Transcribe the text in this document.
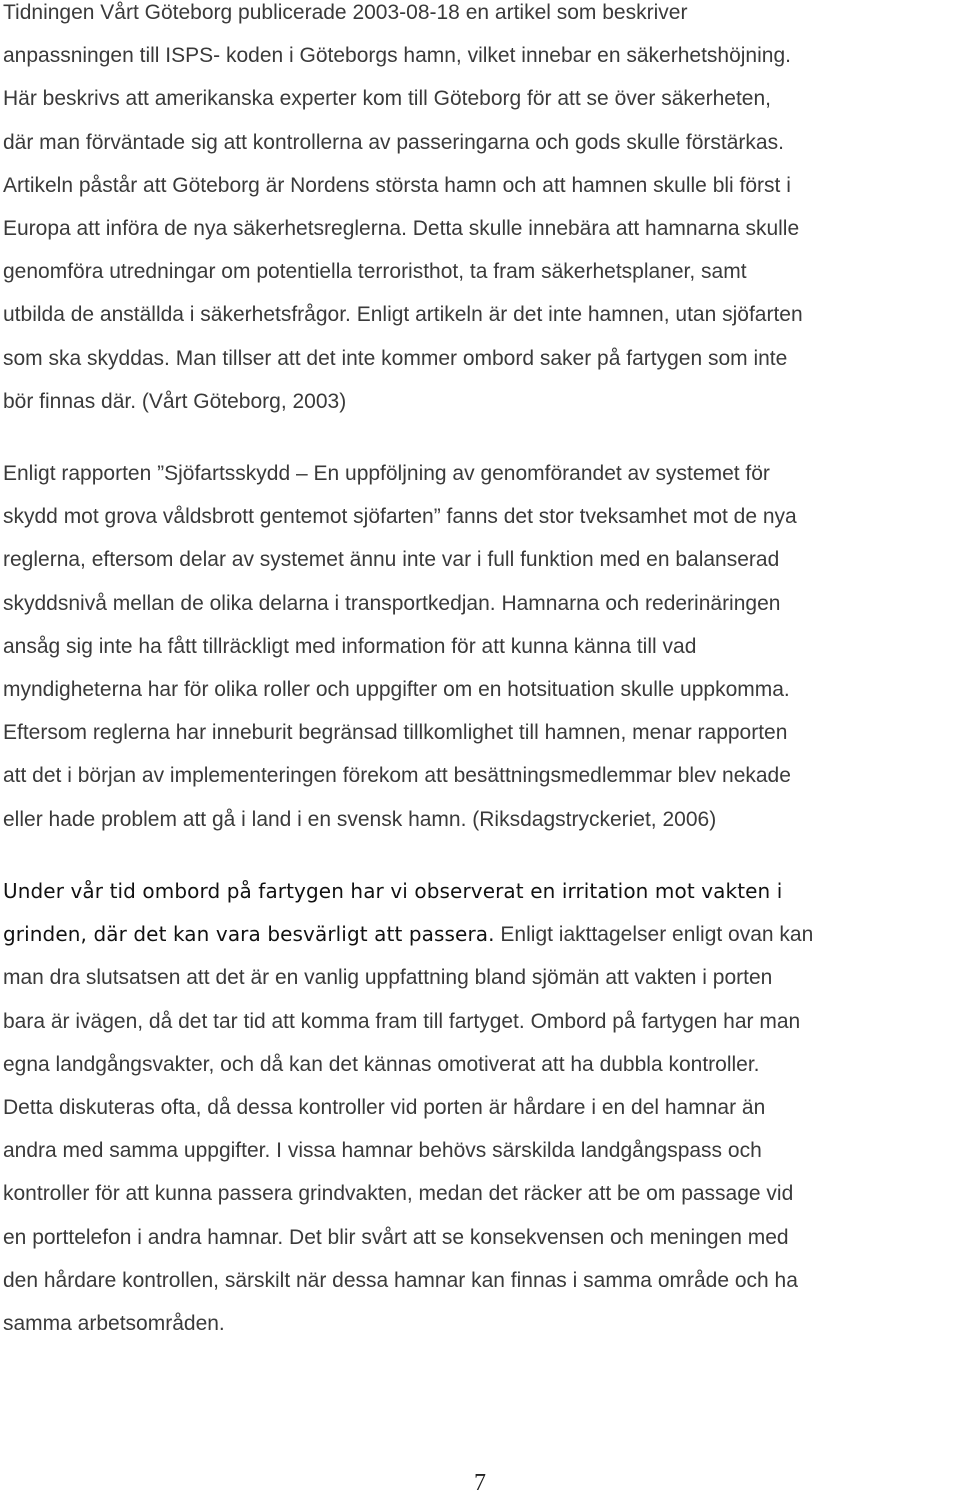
Tidningen Vårt Göteborg publicerade 2003-08-18 en artikel som beskriver
anpassningen till ISPS- koden i Göteborgs hamn, vilket innebar en säkerhetshöjning.
Här beskrivs att amerikanska experter kom till Göteborg för att se över säkerheten,
där man förväntade sig att kontrollerna av passeringarna och gods skulle förstärkas.
Artikeln påstår att Göteborg är Nordens största hamn och att hamnen skulle bli först i
Europa att införa de nya säkerhetsreglerna. Detta skulle innebära att hamnarna skulle
genomföra utredningar om potentiella terroristhot, ta fram säkerhetsplaner, samt
utbilda de anställda i säkerhetsfrågor. Enligt artikeln är det inte hamnen, utan sjöfarten
som ska skyddas. Man tillser att det inte kommer ombord saker på fartygen som inte
bör finnas där. (Vårt Göteborg, 2003)

Enligt rapporten ”Sjöfartsskydd – En uppföljning av genomförandet av systemet för
skydd mot grova våldsbrott gentemot sjöfarten” fanns det stor tveksamhet mot de nya
reglerna, eftersom delar av systemet ännu inte var i full funktion med en balanserad
skyddsnivå mellan de olika delarna i transportkedjan. Hamnarna och rederinäringen
ansåg sig inte ha fått tillräckligt med information för att kunna känna till vad
myndigheterna har för olika roller och uppgifter om en hotsituation skulle uppkomma.
Eftersom reglerna har inneburit begränsad tillkomlighet till hamnen, menar rapporten
att det i början av implementeringen förekom att besättningsmedlemmar blev nekade
eller hade problem att gå i land i en svensk hamn. (Riksdagstryckeriet, 2006)

Under vår tid ombord på fartygen har vi observerat en irritation mot vakten i
grinden, där det kan vara besvärligt att passera. Enligt iakttagelser enligt ovan kan
man dra slutsatsen att det är en vanlig uppfattning bland sjömän att vakten i porten
bara är ivägen, då det tar tid att komma fram till fartyget. Ombord på fartygen har man
egna landgångsvakter, och då kan det kännas omotiverat att ha dubbla kontroller.
Detta diskuteras ofta, då dessa kontroller vid porten är hårdare i en del hamnar än
andra med samma uppgifter. I vissa hamnar behövs särskilda landgångspass och
kontroller för att kunna passera grindvakten, medan det räcker att be om passage vid
en porttelefon i andra hamnar. Det blir svårt att se konsekvensen och meningen med
den hårdare kontrollen, särskilt när dessa hamnar kan finnas i samma område och ha
samma arbetsområden.

7
